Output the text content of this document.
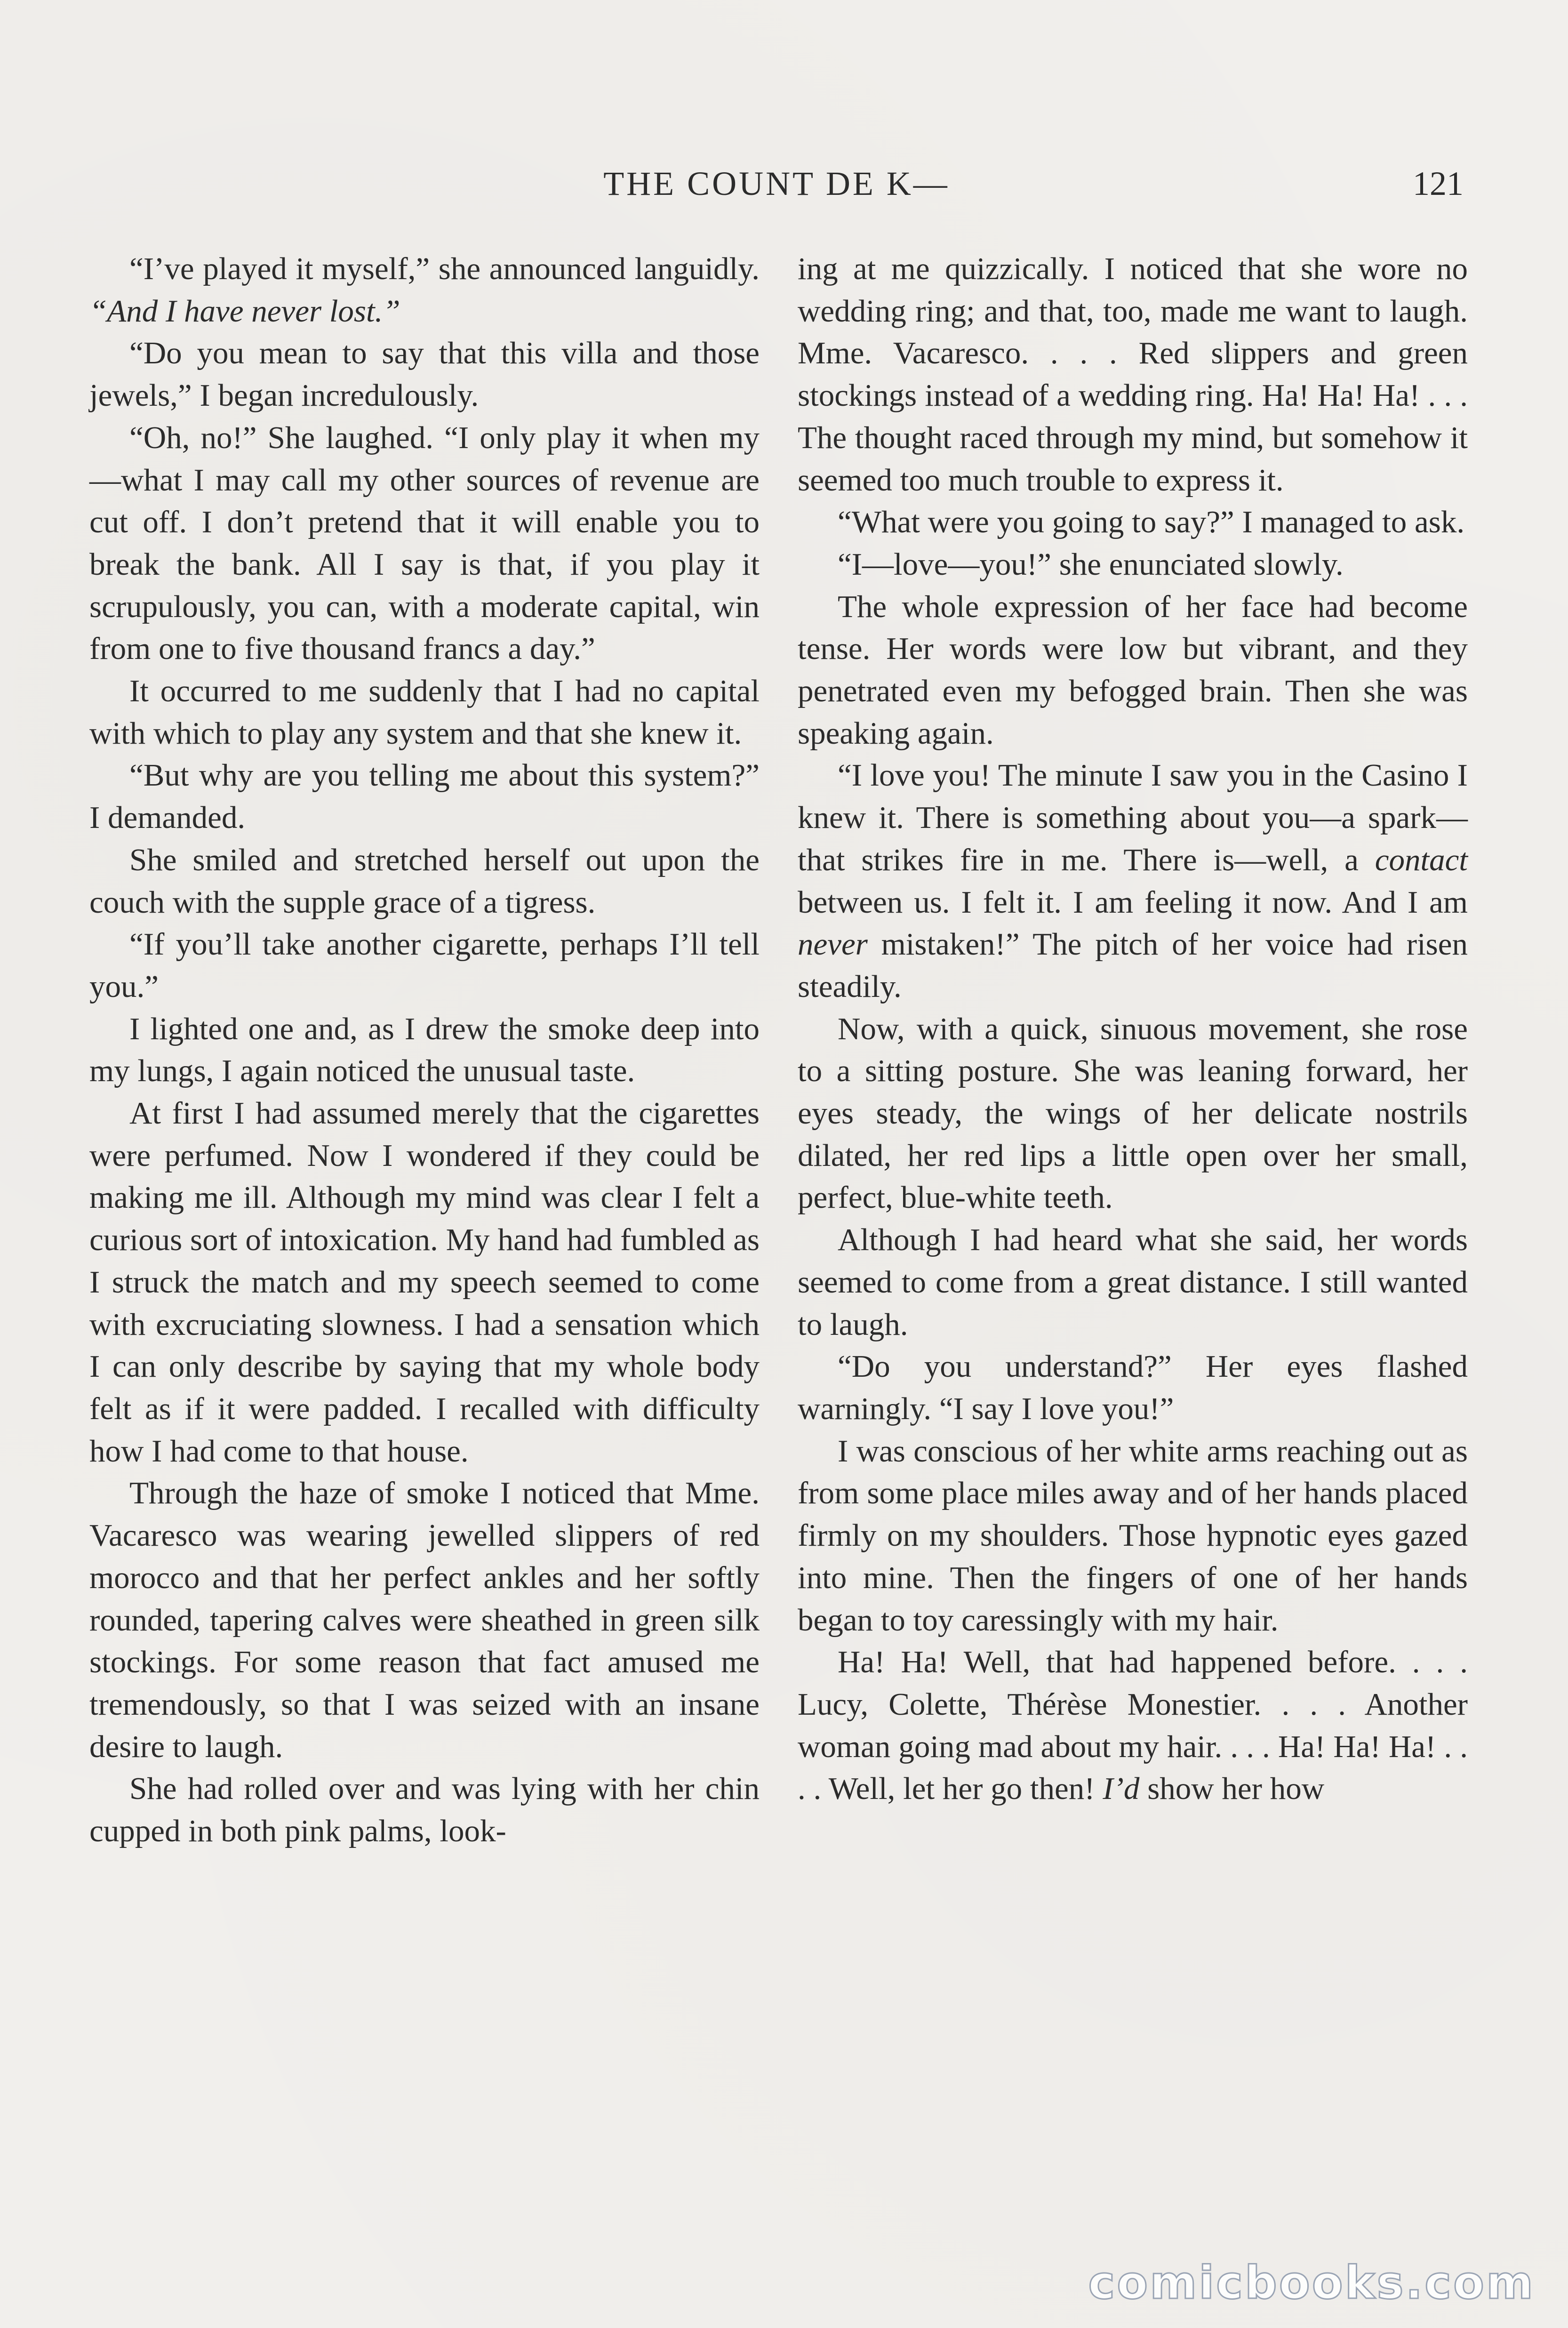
THE COUNT DE K—	121

“I’ve played it myself,” she announced languidly. “And I have never lost.”

“Do you mean to say that this villa and those jewels,” I began incredulously.

“Oh, no!” She laughed. “I only play it when my—what I may call my other sources of revenue are cut off. I don’t pretend that it will enable you to break the bank. All I say is that, if you play it scrupulously, you can, with a moderate capital, win from one to five thousand francs a day.”

It occurred to me suddenly that I had no capital with which to play any system and that she knew it.

“But why are you telling me about this system?” I demanded.

She smiled and stretched herself out upon the couch with the supple grace of a tigress.

“If you’ll take another cigarette, perhaps I’ll tell you.”

I lighted one and, as I drew the smoke deep into my lungs, I again noticed the unusual taste.

At first I had assumed merely that the cigarettes were perfumed. Now I wondered if they could be making me ill. Although my mind was clear I felt a curious sort of intoxication. My hand had fumbled as I struck the match and my speech seemed to come with excruciating slowness. I had a sensation which I can only describe by saying that my whole body felt as if it were padded. I recalled with difficulty how I had come to that house.

Through the haze of smoke I noticed that Mme. Vacaresco was wearing jewelled slippers of red morocco and that her perfect ankles and her softly rounded, tapering calves were sheathed in green silk stockings. For some reason that fact amused me tremendously, so that I was seized with an insane desire to laugh.

She had rolled over and was lying with her chin cupped in both pink palms, look-

ing at me quizzically. I noticed that she wore no wedding ring; and that, too, made me want to laugh. Mme. Vacaresco. . . . Red slippers and green stockings instead of a wedding ring. Ha! Ha! Ha! . . . The thought raced through my mind, but somehow it seemed too much trouble to express it.

“What were you going to say?” I managed to ask.

“I—love—you!” she enunciated slowly.

The whole expression of her face had become tense. Her words were low but vibrant, and they penetrated even my befogged brain. Then she was speaking again.

“I love you! The minute I saw you in the Casino I knew it. There is something about you—a spark—that strikes fire in me. There is—well, a contact between us. I felt it. I am feeling it now. And I am never mistaken!” The pitch of her voice had risen steadily.

Now, with a quick, sinuous movement, she rose to a sitting posture. She was leaning forward, her eyes steady, the wings of her delicate nostrils dilated, her red lips a little open over her small, perfect, blue-white teeth.

Although I had heard what she said, her words seemed to come from a great distance. I still wanted to laugh.

“Do you understand?” Her eyes flashed warningly. “I say I love you!”

I was conscious of her white arms reaching out as from some place miles away and of her hands placed firmly on my shoulders. Those hypnotic eyes gazed into mine. Then the fingers of one of her hands began to toy caressingly with my hair.

Ha! Ha! Well, that had happened before. . . . Lucy, Colette, Thérèse Monestier. . . . Another woman going mad about my hair. . . . Ha! Ha! Ha! . . . . Well, let her go then! I’d show her how

comicbooks.com
